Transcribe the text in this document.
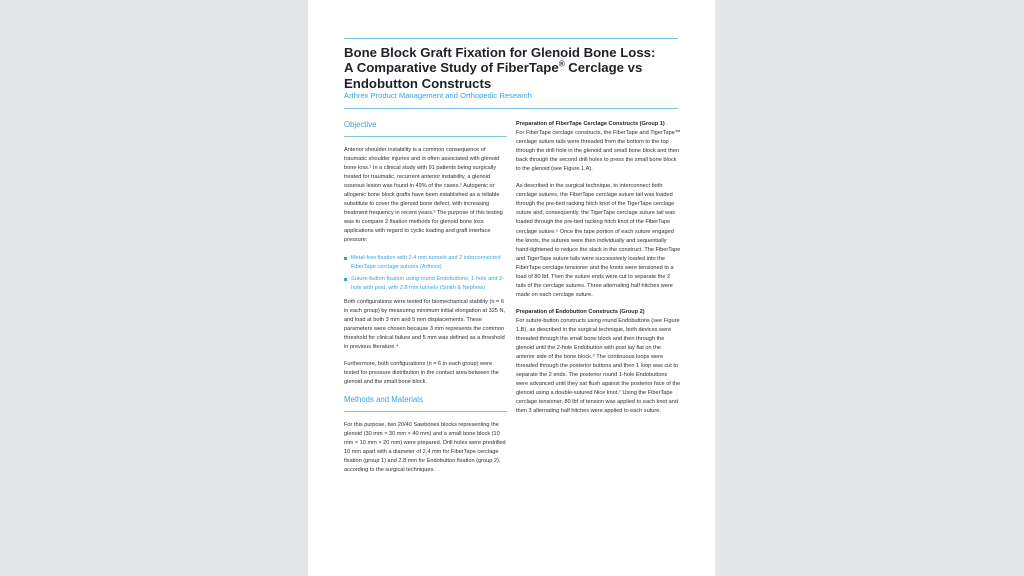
Bone Block Graft Fixation for Glenoid Bone Loss:
A Comparative Study of FiberTape® Cerclage vs
Endobutton Constructs
Arthrex Product Management and Orthopedic Research
Objective

Anterior shoulder instability is a common consequence of traumatic shoulder injuries and is often associated with glenoid bone loss.¹ In a clinical study with 91 patients being surgically treated for traumatic, recurrent anterior instability, a glenoid osseous lesion was found in 49% of the cases.² Autogenic or allogenic bone block grafts have been established as a reliable substitute to cover the glenoid bone defect, with increasing treatment frequency in recent years.³ The purpose of this testing was to compare 2 fixation methods for glenoid bone loss applications with regard to cyclic loading and graft interface pressure:

Metal-free fixation with 2.4 mm tunnels and 2 interconnected FiberTape cerclage sutures (Arthrex)
Suture-button fixation using round Endobuttons, 1-hole and 2-hole with post, with 2.8 mm tunnels (Smith & Nephew)

Both configurations were tested for biomechanical stability (n = 6 in each group) by measuring minimum initial elongation at 325 N, and load at both 3 mm and 5 mm displacements. These parameters were chosen because 3 mm represents the common threshold for clinical failure and 5 mm was defined as a threshold in previous literature.⁴

Furthermore, both configurations (n = 6 in each group) were tested for pressure distribution in the contact area between the glenoid and the small bone block.

Methods and Materials

For this purpose, two 20/40 Sawbones blocks representing the glenoid (30 mm × 30 mm × 40 mm) and a small bone block (10 mm × 10 mm × 20 mm) were prepared. Drill holes were predrilled 10 mm apart with a diameter of 2.4 mm for FiberTape cerclage fixation (group 1) and 2.8 mm for Endobutton fixation (group 2), according to the surgical techniques.

Preparation of FiberTape Cerclage Constructs (Group 1)

For FiberTape cerclage constructs, the FiberTape and TigerTape™ cerclage suture tails were threaded from the bottom to the top through the drill hole in the glenoid and small bone block and then back through the second drill holes to press the small bone block to the glenoid (see Figure 1.A).

As described in the surgical technique, to interconnect both cerclage sutures, the FiberTape cerclage suture tail was loaded through the pre-tied racking hitch knot of the TigerTape cerclage suture and, consequently, the TigerTape cerclage suture tail was loaded through the pre-tied racking hitch knot of the FiberTape cerclage suture.⁵ Once the tape portion of each suture engaged the knots, the sutures were then individually and sequentially hand-tightened to reduce the slack in the construct. The FiberTape and TigerTape suture tails were successively loaded into the FiberTape cerclage tensioner and the knots were tensioned to a load of 80 lbf. Then the suture ends were cut to separate the 2 tails of the cerclage sutures. Three alternating half hitches were made on each cerclage suture.

Preparation of Endobutton Constructs (Group 2)

For suture-button constructs using round Endobuttons (see Figure 1.B), as described in the surgical technique, both devices were threaded through the small bone block and then through the glenoid until the 2-hole Endobutton with post lay flat on the anterior side of the bone block.⁶ The continuous loops were threaded through the posterior buttons and then 1 loop was cut to separate the 2 ends. The posterior round 1-hole Endobuttons were advanced until they sat flush against the posterior face of the glenoid using a double-sutured Nice knot.⁷ Using the FiberTape cerclage tensioner, 80 lbf of tension was applied to each knot and then 3 alternating half hitches were applied to each suture.
